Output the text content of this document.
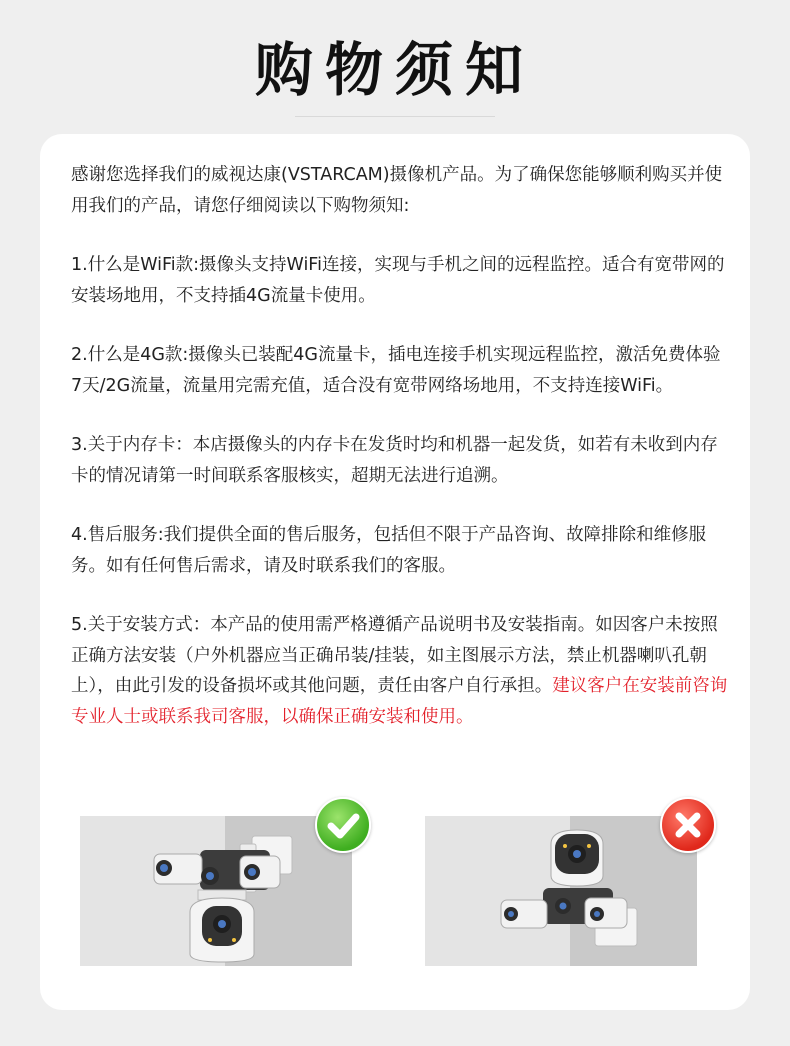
购物须知

感谢您选择我们的威视达康(VSTARCAM)摄像机产品。为了确保您能够顺利购买并使用我们的产品，请您仔细阅读以下购物须知:

1.什么是WiFi款:摄像头支持WiFi连接，实现与手机之间的远程监控。适合有宽带网的安装场地用，不支持插4G流量卡使用。

2.什么是4G款:摄像头已装配4G流量卡，插电连接手机实现远程监控，激活免费体验7天/2G流量，流量用完需充值，适合没有宽带网络场地用，不支持连接WiFi。

3.关于内存卡：本店摄像头的内存卡在发货时均和机器一起发货，如若有未收到内存卡的情况请第一时间联系客服核实，超期无法进行追溯。

4.售后服务:我们提供全面的售后服务，包括但不限于产品咨询、故障排除和维修服务。如有任何售后需求，请及时联系我们的客服。

5.关于安装方式：本产品的使用需严格遵循产品说明书及安装指南。如因客户未按照正确方法安装（户外机器应当正确吊装/挂装，如主图展示方法，禁止机器喇叭孔朝上），由此引发的设备损坏或其他问题，责任由客户自行承担。建议客户在安装前咨询专业人士或联系我司客服，以确保正确安装和使用。
